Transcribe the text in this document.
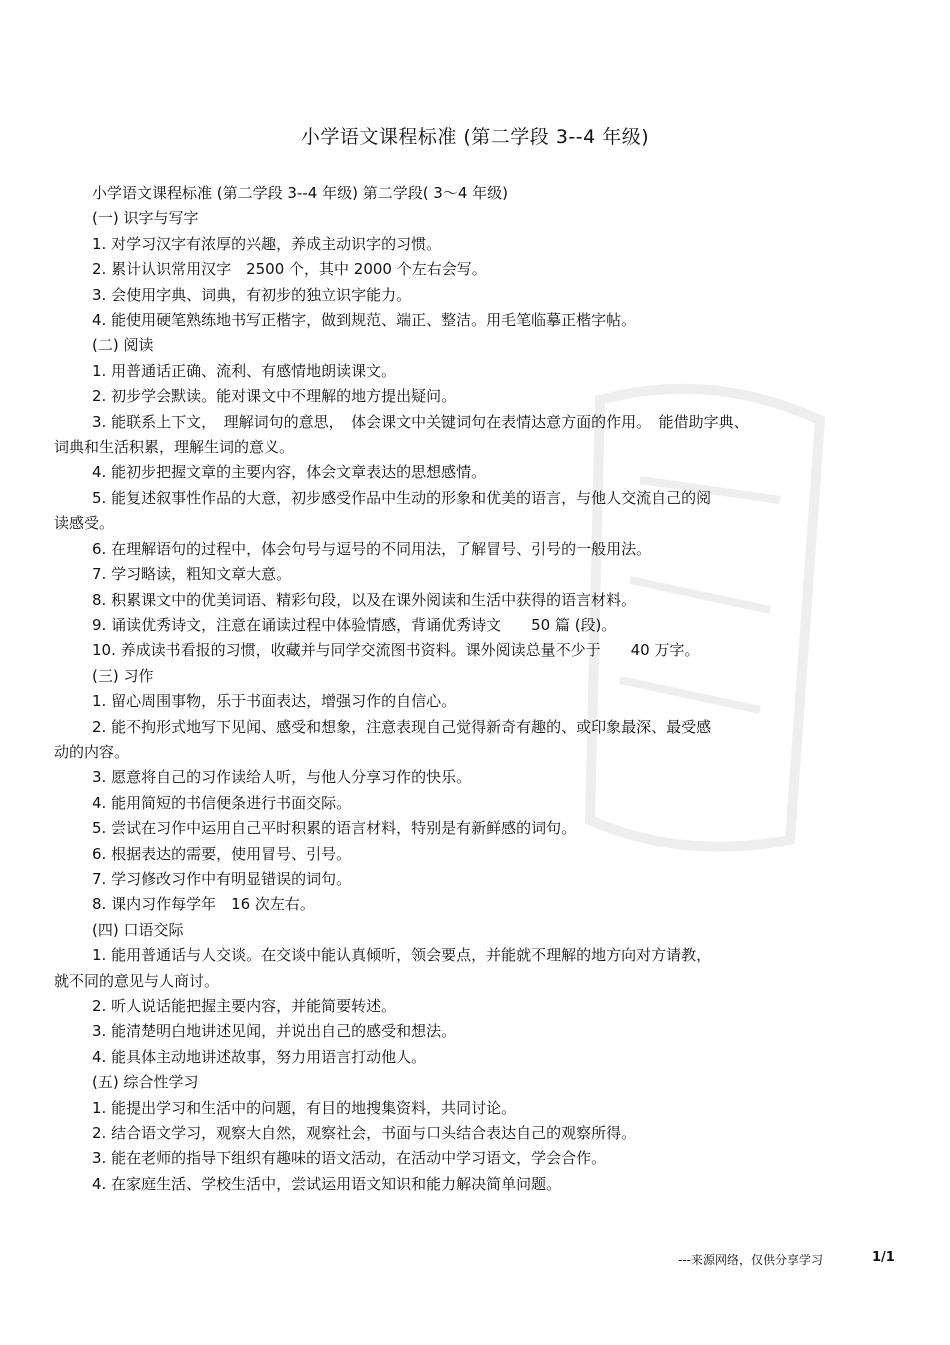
小学语文课程标准 (第二学段 3--4 年级)
小学语文课程标准 (第二学段 3--4 年级) 第二学段( 3～4 年级)
(一) 识字与写字
1. 对学习汉字有浓厚的兴趣，养成主动识字的习惯。
2. 累计认识常用汉字　2500 个，其中 2000 个左右会写。
3. 会使用字典、词典，有初步的独立识字能力。
4. 能使用硬笔熟练地书写正楷字，做到规范、端正、整洁。用毛笔临摹正楷字帖。
(二) 阅读
1. 用普通话正确、流利、有感情地朗读课文。
2. 初步学会默读。能对课文中不理解的地方提出疑问。
3. 能联系上下文，　理解词句的意思，　体会课文中关键词句在表情达意方面的作用。　能借助字典、
词典和生活积累，理解生词的意义。
4. 能初步把握文章的主要内容，体会文章表达的思想感情。
5. 能复述叙事性作品的大意，初步感受作品中生动的形象和优美的语言，与他人交流自己的阅
读感受。
6. 在理解语句的过程中，体会句号与逗号的不同用法，了解冒号、引号的一般用法。
7. 学习略读，粗知文章大意。
8. 积累课文中的优美词语、精彩句段，以及在课外阅读和生活中获得的语言材料。
9. 诵读优秀诗文，注意在诵读过程中体验情感，背诵优秀诗文　　50 篇 (段)。
10. 养成读书看报的习惯，收藏并与同学交流图书资料。课外阅读总量不少于　　40 万字。
(三) 习作
1. 留心周围事物，乐于书面表达，增强习作的自信心。
2. 能不拘形式地写下见闻、感受和想象，注意表现自己觉得新奇有趣的、或印象最深、最受感
动的内容。
3. 愿意将自己的习作读给人听，与他人分享习作的快乐。
4. 能用简短的书信便条进行书面交际。
5. 尝试在习作中运用自己平时积累的语言材料，特别是有新鲜感的词句。
6. 根据表达的需要，使用冒号、引号。
7. 学习修改习作中有明显错误的词句。
8. 课内习作每学年　16 次左右。
(四) 口语交际
1. 能用普通话与人交谈。在交谈中能认真倾听，领会要点，并能就不理解的地方向对方请教，
就不同的意见与人商讨。
2. 听人说话能把握主要内容，并能简要转述。
3. 能清楚明白地讲述见闻，并说出自己的感受和想法。
4. 能具体主动地讲述故事，努力用语言打动他人。
(五) 综合性学习
1. 能提出学习和生活中的问题，有目的地搜集资料，共同讨论。
2. 结合语文学习，观察大自然，观察社会，书面与口头结合表达自己的观察所得。
3. 能在老师的指导下组织有趣味的语文活动，在活动中学习语文，学会合作。
4. 在家庭生活、学校生活中，尝试运用语文知识和能力解决简单问题。
---来源网络，仅供分享学习	1/1
